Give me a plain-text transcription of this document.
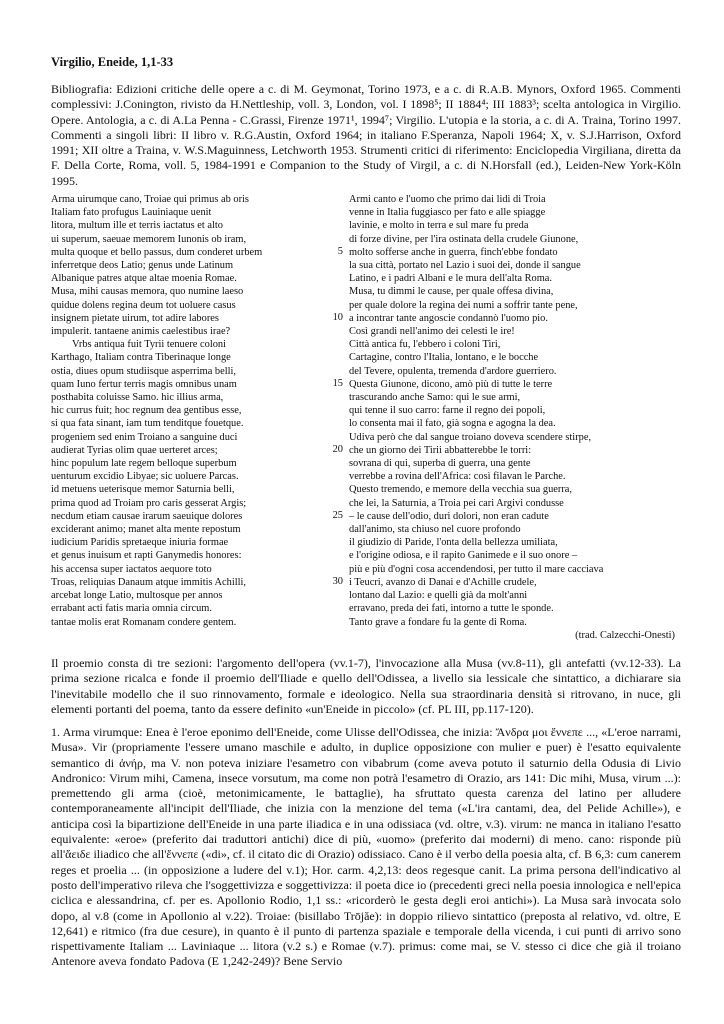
Virgilio, Eneide, 1,1-33
Bibliografia: Edizioni critiche delle opere a c. di M. Geymonat, Torino 1973, e a c. di R.A.B. Mynors, Oxford 1965. Commenti complessivi: J.Conington, rivisto da H.Nettleship, voll. 3, London, vol. I 1898⁵; II 1884⁴; III 1883³; scelta antologica in Virgilio. Opere. Antologia, a c. di A.La Penna - C.Grassi, Firenze 1971¹, 1994⁷; Virgilio. L'utopia e la storia, a c. di A. Traina, Torino 1997. Commenti a singoli libri: II libro v. R.G.Austin, Oxford 1964; in italiano F.Speranza, Napoli 1964; X, v. S.J.Harrison, Oxford 1991; XII oltre a Traina, v. W.S.Maguinness, Letchworth 1953. Strumenti critici di riferimento: Enciclopedia Virgiliana, diretta da F. Della Corte, Roma, voll. 5, 1984-1991 e Companion to the Study of Virgil, a c. di N.Horsfall (ed.), Leiden-New York-Köln 1995.
Arma uirumque cano, Troiae qui primus ab oris
Italiam fato profugus Lauiniaque uenit
litora, multum ille et terris iactatus et alto
ui superum, saeuae memorem Iunonis ob iram,
multa quoque et bello passus, dum conderet urbem
inferretque deos Latio; genus unde Latinum
Albanique patres atque altae moenia Romae.
Musa, mihi causas memora, quo numine laeso
quidue dolens regina deum tot uoluere casus
insignem pietate uirum, tot adire labores
impulerit. tantaene animis caelestibus irae?
Vrbs antiqua fuit Tyrii tenuere coloni
Karthago, Italiam contra Tiberinaque longe
ostia, diues opum studiisque asperrima belli,
quam Iuno fertur terris magis omnibus unam
posthabita coluisse Samo. hic illius arma,
hic currus fuit; hoc regnum dea gentibus esse,
si qua fata sinant, iam tum tenditque fouetque.
progeniem sed enim Troiano a sanguine duci
audierat Tyrias olim quae uerteret arces;
hinc populum late regem belloque superbum
uenturum excidio Libyae; sic uoluere Parcas.
id metuens ueterisque memor Saturnia belli,
prima quod ad Troiam pro caris gesserat Argis;
necdum etiam causae irarum saeuique dolores
exciderant animo; manet alta mente repostum
iudicium Paridis spretaeque iniuria formae
et genus inuisum et rapti Ganymedis honores:
his accensa super iactatos aequore toto
Troas, reliquias Danaum atque immitis Achilli,
arcebat longe Latio, multosque per annos
errabant acti fatis maria omnia circum.
tantae molis erat Romanam condere gentem.
5
10
15
20
25
30
Armi canto e l'uomo che primo dai lidi di Troia
venne in Italia fuggiasco per fato e alle spiagge
lavinie, e molto in terra e sul mare fu preda
di forze divine, per l'ira ostinata della crudele Giunone,
molto sofferse anche in guerra, finch'ebbe fondato
la sua città, portato nel Lazio i suoi dei, donde il sangue
Latino, e i padri Albani e le mura dell'alta Roma.
Musa, tu dimmi le cause, per quale offesa divina,
per quale dolore la regina dei numi a soffrir tante pene,
a incontrar tante angoscie condannò l'uomo pio.
Così grandi nell'animo dei celesti le ire!
Città antica fu, l'ebbero i coloni Tiri,
Cartagine, contro l'Italia, lontano, e le bocche
del Tevere, opulenta, tremenda d'ardore guerriero.
Questa Giunone, dicono, amò più di tutte le terre
trascurando anche Samo: qui le sue armi,
qui tenne il suo carro: farne il regno dei popoli,
lo consenta mai il fato, già sogna e agogna la dea.
Udiva però che dal sangue troiano doveva scendere stirpe,
che un giorno dei Tirii abbatterebbe le torri:
sovrana di qui, superba di guerra, una gente
verrebbe a rovina dell'Africa: così filavan le Parche.
Questo tremendo, e memore della vecchia sua guerra,
che lei, la Saturnia, a Troia pei cari Argivi condusse
– le cause dell'odio, duri dolori, non eran cadute
dall'animo, sta chiuso nel cuore profondo
il giudizio di Paride, l'onta della bellezza umiliata,
e l'origine odiosa, e il rapito Ganimede e il suo onore –
più e più d'ogni cosa accendendosi, per tutto il mare cacciava
i Teucri, avanzo di Danai e d'Achille crudele,
lontano dal Lazio: e quelli già da molt'anni
erravano, preda dei fati, intorno a tutte le sponde.
Tanto grave a fondare fu la gente di Roma.
(trad. Calzecchi-Onesti)
Il proemio consta di tre sezioni: l'argomento dell'opera (vv.1-7), l'invocazione alla Musa (vv.8-11), gli antefatti (vv.12-33). La prima sezione ricalca e fonde il proemio dell'Iliade e quello dell'Odissea, a livello sia lessicale che sintattico, a dichiarare sia l'inevitabile modello che il suo rinnovamento, formale e ideologico. Nella sua straordinaria densità si ritrovano, in nuce, gli elementi portanti del poema, tanto da essere definito «un'Eneide in piccolo» (cf. PL III, pp.117-120).
1. Arma virumque: Enea è l'eroe eponimo dell'Eneide, come Ulisse dell'Odissea, che inizia: Ἄνδρα μοι ἔννεπε ..., «L'eroe narrami, Musa». Vir (propriamente l'essere umano maschile e adulto, in duplice opposizione con mulier e puer) è l'esatto equivalente semantico di ἀνήρ, ma V. non poteva iniziare l'esametro con vibabrum (come aveva potuto il saturnio della Odusia di Livio Andronico: Virum mihi, Camena, insece vorsutum, ma come non potrà l'esametro di Orazio, ars 141: Dic mihi, Musa, virum ...): premettendo gli arma (cioè, metonimicamente, le battaglie), ha sfruttato questa carenza del latino per alludere contemporaneamente all'incipit dell'Iliade, che inizia con la menzione del tema («L'ira cantami, dea, del Pelide Achille»), e anticipa così la bipartizione dell'Eneide in una parte iliadica e in una odissiaca (vd. oltre, v.3). virum: ne manca in italiano l'esatto equivalente: «eroe» (preferito dai traduttori antichi) dice di più, «uomo» (preferito dai moderni) di meno. cano: risponde più all'ἄειδε iliadico che all'ἔννεπε («di», cf. il citato dic di Orazio) odissiaco. Cano è il verbo della poesia alta, cf. B 6,3: cum canerem reges et proelia ... (in opposizione a ludere del v.1); Hor. carm. 4,2,13: deos regesque canit. La prima persona dell'indicativo al posto dell'imperativo rileva che l'soggettivizza e soggettivizza: il poeta dice io (precedenti greci nella poesia innologica e nell'epica ciclica e alessandrina, cf. per es. Apollonio Rodio, 1,1 ss.: «ricorderò le gesta degli eroi antichi»). La Musa sarà invocata solo dopo, al v.8 (come in Apollonio al v.22). Troiae: (bisillabo Trōjăe): in doppio rilievo sintattico (preposta al relativo, vd. oltre, E 12,641) e ritmico (fra due cesure), in quanto è il punto di partenza spaziale e temporale della vicenda, i cui punti di arrivo sono rispettivamente Italiam ... Laviniaque ... litora (v.2 s.) e Romae (v.7). primus: come mai, se V. stesso ci dice che già il troiano Antenore aveva fondato Padova (E 1,242-249)? Bene Servio
